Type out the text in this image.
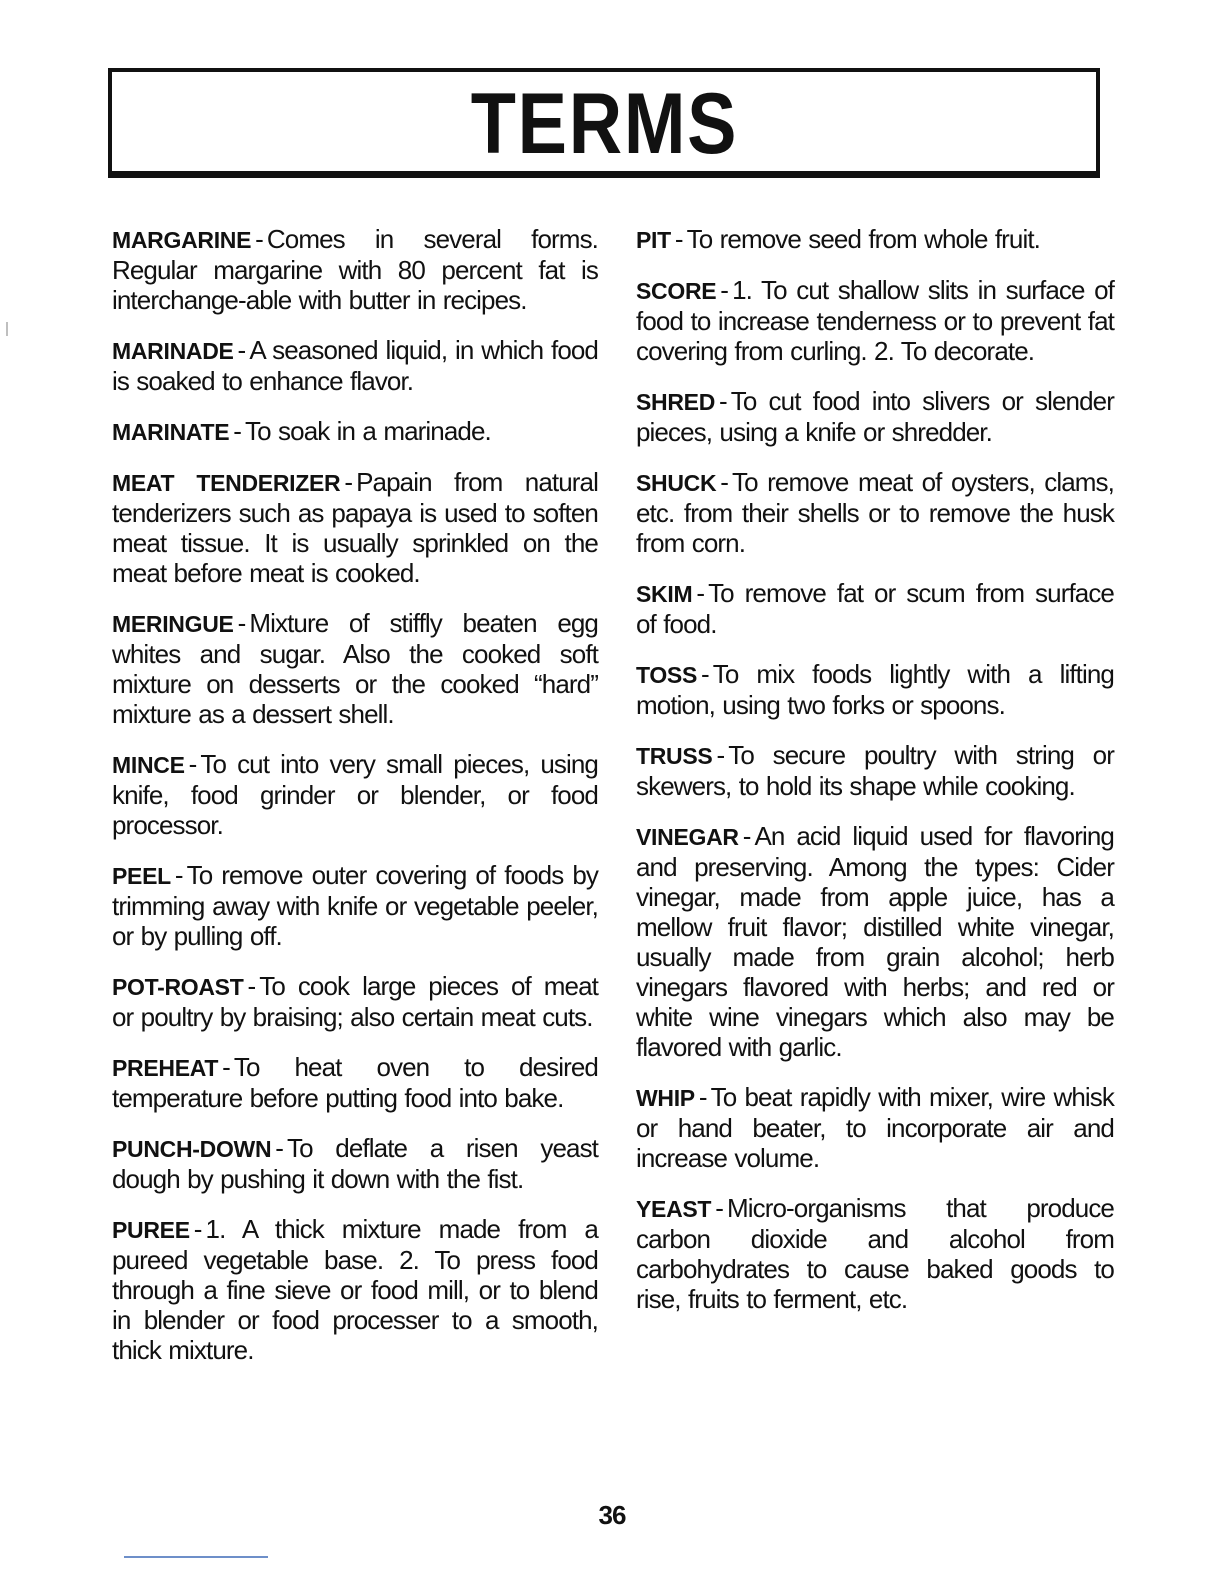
TERMS

MARGARINE - Comes in several forms. Regular margarine with 80 percent fat is interchange-able with butter in recipes.

MARINADE - A seasoned liquid, in which food is soaked to enhance flavor.

MARINATE - To soak in a marinade.

MEAT TENDERIZER - Papain from natural tenderizers such as papaya is used to soften meat tissue. It is usually sprinkled on the meat before meat is cooked.

MERINGUE - Mixture of stiffly beaten egg whites and sugar. Also the cooked soft mixture on desserts or the cooked “hard” mixture as a dessert shell.

MINCE - To cut into very small pieces, using knife, food grinder or blender, or food processor.

PEEL - To remove outer covering of foods by trimming away with knife or vegetable peeler, or by pulling off.

POT-ROAST - To cook large pieces of meat or poultry by braising; also certain meat cuts.

PREHEAT - To heat oven to desired temperature before putting food into bake.

PUNCH-DOWN - To deflate a risen yeast dough by pushing it down with the fist.

PUREE - 1. A thick mixture made from a pureed vegetable base. 2. To press food through a fine sieve or food mill, or to blend in blender or food processer to a smooth, thick mixture.

PIT - To remove seed from whole fruit.

SCORE - 1. To cut shallow slits in surface of food to increase tenderness or to prevent fat covering from curling. 2. To decorate.

SHRED - To cut food into slivers or slender pieces, using a knife or shredder.

SHUCK - To remove meat of oysters, clams, etc. from their shells or to remove the husk from corn.

SKIM - To remove fat or scum from surface of food.

TOSS - To mix foods lightly with a lifting motion, using two forks or spoons.

TRUSS - To secure poultry with string or skewers, to hold its shape while cooking.

VINEGAR - An acid liquid used for flavoring and preserving. Among the types: Cider vinegar, made from apple juice, has a mellow fruit flavor; distilled white vinegar, usually made from grain alcohol; herb vinegars flavored with herbs; and red or white wine vinegars which also may be flavored with garlic.

WHIP - To beat rapidly with mixer, wire whisk or hand beater, to incorporate air and increase volume.

YEAST - Micro-organisms that produce carbon dioxide and alcohol from carbohydrates to cause baked goods to rise, fruits to ferment, etc.

36
